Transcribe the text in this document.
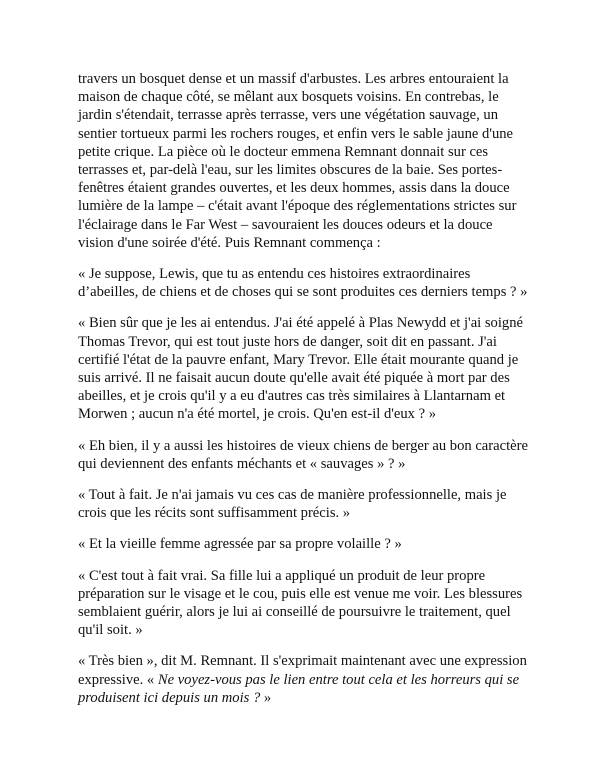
travers un bosquet dense et un massif d'arbustes. Les arbres entouraient la maison de chaque côté, se mêlant aux bosquets voisins. En contrebas, le jardin s'étendait, terrasse après terrasse, vers une végétation sauvage, un sentier tortueux parmi les rochers rouges, et enfin vers le sable jaune d'une petite crique. La pièce où le docteur emmena Remnant donnait sur ces terrasses et, par-delà l'eau, sur les limites obscures de la baie. Ses portes-fenêtres étaient grandes ouvertes, et les deux hommes, assis dans la douce lumière de la lampe – c'était avant l'époque des réglementations strictes sur l'éclairage dans le Far West – savouraient les douces odeurs et la douce vision d'une soirée d'été. Puis Remnant commença :

« Je suppose, Lewis, que tu as entendu ces histoires extraordinaires d’abeilles, de chiens et de choses qui se sont produites ces derniers temps ? »

« Bien sûr que je les ai entendus. J'ai été appelé à Plas Newydd et j'ai soigné Thomas Trevor, qui est tout juste hors de danger, soit dit en passant. J'ai certifié l'état de la pauvre enfant, Mary Trevor. Elle était mourante quand je suis arrivé. Il ne faisait aucun doute qu'elle avait été piquée à mort par des abeilles, et je crois qu'il y a eu d'autres cas très similaires à Llantarnam et Morwen ; aucun n'a été mortel, je crois. Qu'en est-il d'eux ? »

« Eh bien, il y a aussi les histoires de vieux chiens de berger au bon caractère qui deviennent des enfants méchants et « sauvages » ? »

« Tout à fait. Je n'ai jamais vu ces cas de manière professionnelle, mais je crois que les récits sont suffisamment précis. »

« Et la vieille femme agressée par sa propre volaille ? »

« C'est tout à fait vrai. Sa fille lui a appliqué un produit de leur propre préparation sur le visage et le cou, puis elle est venue me voir. Les blessures semblaient guérir, alors je lui ai conseillé de poursuivre le traitement, quel qu'il soit. »

« Très bien », dit M. Remnant. Il s'exprimait maintenant avec une expression expressive. « Ne voyez-vous pas le lien entre tout cela et les horreurs qui se produisent ici depuis un mois ? »
